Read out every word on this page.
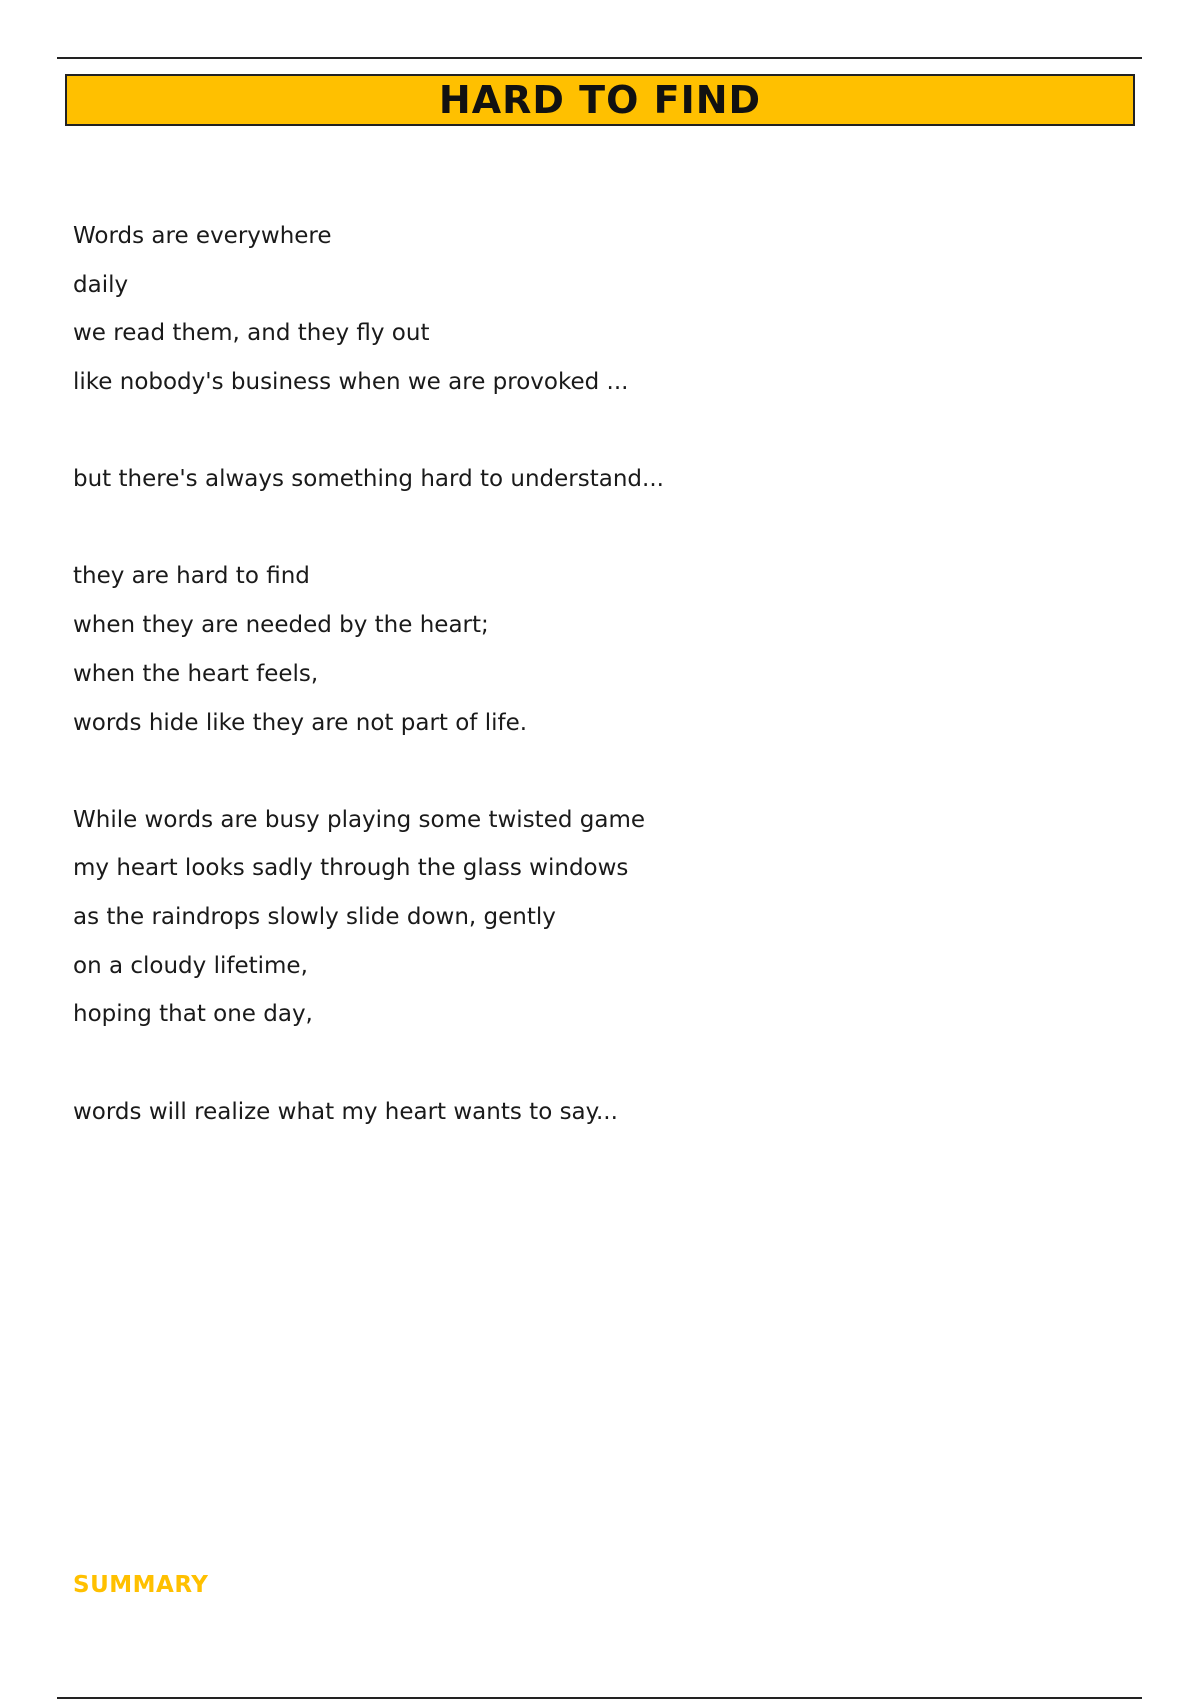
HARD TO FIND
Words are everywhere
daily
we read them, and they fly out
like nobody's business when we are provoked ...
but there's always something hard to understand...
they are hard to find
when they are needed by the heart;
when the heart feels,
words hide like they are not part of life.
While words are busy playing some twisted game
my heart looks sadly through the glass windows
as the raindrops slowly slide down, gently
on a cloudy lifetime,
hoping that one day,
words will realize what my heart wants to say...
SUMMARY
